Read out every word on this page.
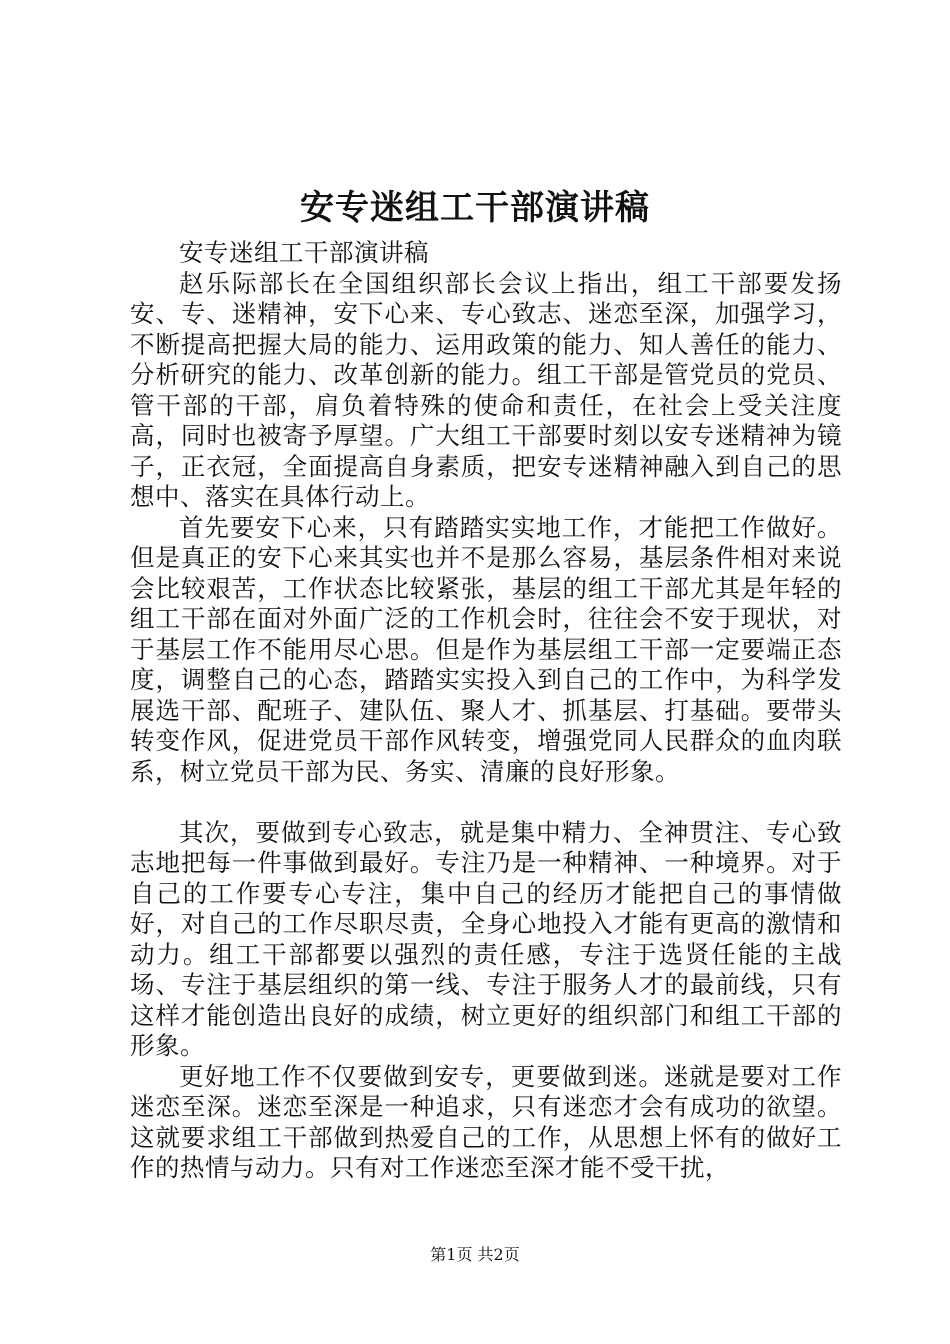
安专迷组工干部演讲稿

安专迷组工干部演讲稿

赵乐际部长在全国组织部长会议上指出，组工干部要发扬安、专、迷精神，安下心来、专心致志、迷恋至深，加强学习，不断提高把握大局的能力、运用政策的能力、知人善任的能力、分析研究的能力、改革创新的能力。组工干部是管党员的党员、管干部的干部，肩负着特殊的使命和责任，在社会上受关注度高，同时也被寄予厚望。广大组工干部要时刻以安专迷精神为镜子，正衣冠，全面提高自身素质，把安专迷精神融入到自己的思想中、落实在具体行动上。

首先要安下心来，只有踏踏实实地工作，才能把工作做好。但是真正的安下心来其实也并不是那么容易，基层条件相对来说会比较艰苦，工作状态比较紧张，基层的组工干部尤其是年轻的组工干部在面对外面广泛的工作机会时，往往会不安于现状，对于基层工作不能用尽心思。但是作为基层组工干部一定要端正态度，调整自己的心态，踏踏实实投入到自己的工作中，为科学发展选干部、配班子、建队伍、聚人才、抓基层、打基础。要带头转变作风，促进党员干部作风转变，增强党同人民群众的血肉联系，树立党员干部为民、务实、清廉的良好形象。

其次，要做到专心致志，就是集中精力、全神贯注、专心致志地把每一件事做到最好。专注乃是一种精神、一种境界。对于自己的工作要专心专注，集中自己的经历才能把自己的事情做好，对自己的工作尽职尽责，全身心地投入才能有更高的激情和动力。组工干部都要以强烈的责任感，专注于选贤任能的主战场、专注于基层组织的第一线、专注于服务人才的最前线，只有这样才能创造出良好的成绩，树立更好的组织部门和组工干部的形象。

更好地工作不仅要做到安专，更要做到迷。迷就是要对工作迷恋至深。迷恋至深是一种追求，只有迷恋才会有成功的欲望。这就要求组工干部做到热爱自己的工作，从思想上怀有的做好工作的热情与动力。只有对工作迷恋至深才能不受干扰，

第1页 共2页
